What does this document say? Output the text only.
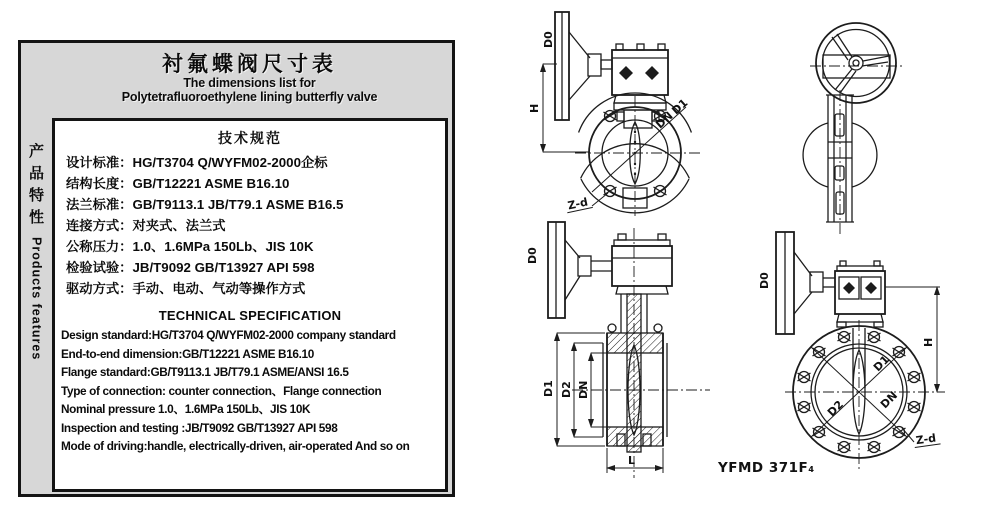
衬氟蝶阀尺寸表
The dimensions list for
Polytetrafluoroethylene lining butterfly valve
产品特性
Products features
技术规范
设计标准：HG/T3704 Q/WYFM02-2000企标
结构长度：GB/T12221 ASME B16.10
法兰标准：GB/T9113.1 JB/T79.1 ASME B16.5
连接方式：对夹式、法兰式
公称压力：1.0、1.6MPa 150Lb、JIS 10K
检验试验：JB/T9092 GB/T13927 API 598
驱动方式：手动、电动、气动等操作方式
TECHNICAL SPECIFICATION
Design standard:HG/T3704 Q/WYFM02-2000 company standard
End-to-end dimension:GB/T12221 ASME B16.10
Flange standard:GB/T9113.1 JB/T79.1 ASME/ANSI 16.5
Type of connection: counter connection、Flange connection
Nominal pressure 1.0、1.6MPa 150Lb、JIS 10K
Inspection and testing :JB/T9092 GB/T13927 API 598
Mode of driving:handle, electrically-driven, air-operated And so on
DN
D1
H
D0
Z-d
D0
D1 D2 DN
L
D0
D1
DN
D2
H
Z-d
YFMD 371F₄
